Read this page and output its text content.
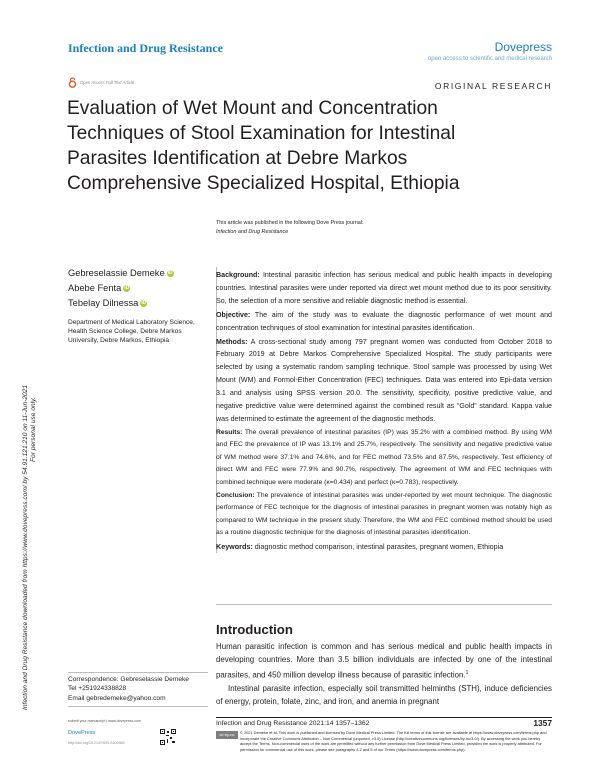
Infection and Drug Resistance	Dovepress
open access to scientific and medical research
Open Access Full Text Article	ORIGINAL RESEARCH
Evaluation of Wet Mount and Concentration Techniques of Stool Examination for Intestinal Parasites Identification at Debre Markos Comprehensive Specialized Hospital, Ethiopia
This article was published in the following Dove Press journal:
Infection and Drug Resistance
Infection and Drug Resistance downloaded from https://www.dovepress.com/ by 54.91.121.210 on 11-Jun-2021 For personal use only.
Gebreselassie Demeke iD
Abebe Fenta iD
Tebelay Dilnessa iD
Department of Medical Laboratory Science, Health Science College, Debre Markos University, Debre Markos, Ethiopia

Background: Intestinal parasitic infection has serious medical and public health impacts in developing countries. Intestinal parasites were under reported via direct wet mount method due to its poor sensitivity. So, the selection of a more sensitive and reliable diagnostic method is essential.

Objective: The aim of the study was to evaluate the diagnostic performance of wet mount and concentration techniques of stool examination for intestinal parasites identification.

Methods: A cross-sectional study among 797 pregnant women was conducted from October 2018 to February 2019 at Debre Markos Comprehensive Specialized Hospital. The study participants were selected by using a systematic random sampling technique. Stool sample was processed by using Wet Mount (WM) and Formol-Ether Concentration (FEC) techniques. Data was entered into Epi-data version 3.1 and analysis using SPSS version 20.0. The sensitivity, specificity, positive predictive value, and negative predictive value were determined against the combined result as “Gold” standard. Kappa value was determined to estimate the agreement of the diagnostic methods.

Results: The overall prevalence of intestinal parasites (IP) was 35.2% with a combined method. By using WM and FEC the prevalence of IP was 13.1% and 25.7%, respectively. The sensitivity and negative predictive value of WM method were 37.1% and 74.6%, and for FEC method 73.5% and 87.5%, respectively. Test efficiency of direct WM and FEC were 77.9% and 90.7%, respectively. The agreement of WM and FEC techniques with combined technique were moderate (κ=0.434) and perfect (κ=0.783), respectively.

Conclusion: The prevalence of intestinal parasites was under-reported by wet mount technique. The diagnostic performance of FEC technique for the diagnosis of intestinal parasites in pregnant women was notably high as compared to WM technique in the present study. Therefore, the WM and FEC combined method should be used as a routine diagnostic technique for the diagnosis of intestinal parasites identification.

Keywords: diagnostic method comparison, intestinal parasites, pregnant women, Ethiopia

Introduction

Human parasitic infection is common and has serious medical and public health impacts in developing countries. More than 3.5 billion individuals are infected by one of the intestinal parasites, and 450 million develop illness because of parasitic infection.$^1$

Intestinal parasite infection, especially soil transmitted helminths (STH), induce deficiencies of energy, protein, folate, zinc, and iron, and anemia in pregnant

Correspondence: Gebreselassie Demeke
Tel +251924338828
Email gebredemeke@yahoo.com
submit your manuscript | www.dovepress.com
DovePress
http://doi.org/10.2147/IDR.S309365
Infection and Drug Resistance 2021:14 1357–1362	1357
cc by-nc	© 2021 Demeke et al. This work is published and licensed by Dove Medical Press Limited. The full terms of this license are available at https://www.dovepress.com/terms.php and incorporate the Creative Commons Attribution – Non Commercial (unported, v3.0) License (http://creativecommons.org/licenses/by-nc/3.0/). By accessing the work you hereby accept the Terms. Non-commercial uses of the work are permitted without any further permission from Dove Medical Press Limited, provided the work is properly attributed. For permission for commercial use of this work, please see paragraphs 4.2 and 5 of our Terms (https://www.dovepress.com/terms.php).
